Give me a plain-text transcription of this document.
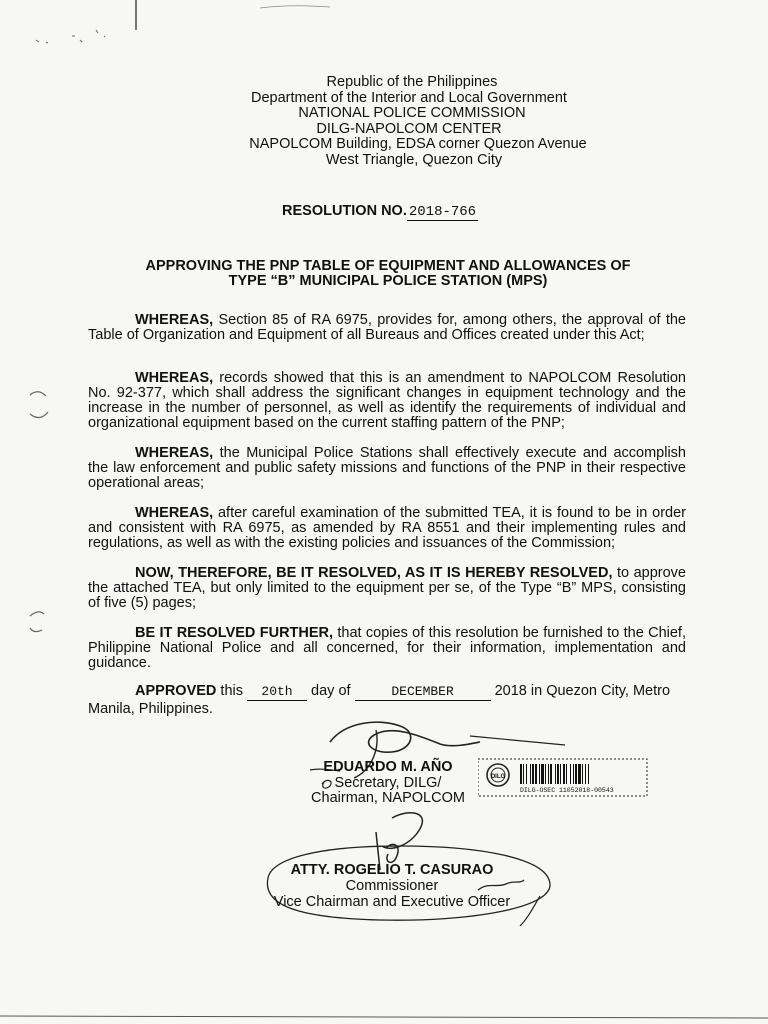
Republic of the Philippines
Department of the Interior and Local Government
NATIONAL POLICE COMMISSION
DILG-NAPOLCOM CENTER
NAPOLCOM Building, EDSA corner Quezon Avenue
West Triangle, Quezon City
RESOLUTION NO. 2018-766
APPROVING THE PNP TABLE OF EQUIPMENT AND ALLOWANCES OF
TYPE “B” MUNICIPAL POLICE STATION (MPS)
WHEREAS, Section 85 of RA 6975, provides for, among others, the approval of the Table of Organization and Equipment of all Bureaus and Offices created under this Act;
WHEREAS, records showed that this is an amendment to NAPOLCOM Resolution No. 92-377, which shall address the significant changes in equipment technology and the increase in the number of personnel, as well as identify the requirements of individual and organizational equipment based on the current staffing pattern of the PNP;
WHEREAS, the Municipal Police Stations shall effectively execute and accomplish the law enforcement and public safety missions and functions of the PNP in their respective operational areas;
WHEREAS, after careful examination of the submitted TEA, it is found to be in order and consistent with RA 6975, as amended by RA 8551 and their implementing rules and regulations, as well as with the existing policies and issuances of the Commission;
NOW, THEREFORE, BE IT RESOLVED, AS IT IS HEREBY RESOLVED, to approve the attached TEA, but only limited to the equipment per se, of the Type “B” MPS, consisting of five (5) pages;
BE IT RESOLVED FURTHER, that copies of this resolution be furnished to the Chief, Philippine National Police and all concerned, for their information, implementation and guidance.
APPROVED this 20th day of	DECEMBER	2018 in Quezon City, Metro Manila, Philippines.
EDUARDO M. AÑO
Secretary, DILG/
Chairman, NAPOLCOM
DILG
DILG-OSEC 11052018-00543
ATTY. ROGELIO T. CASURAO
Commissioner
Vice Chairman and Executive Officer
